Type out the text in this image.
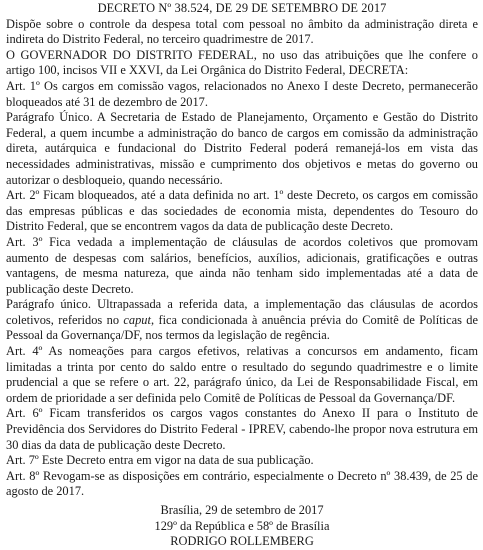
DECRETO Nº 38.524, DE 29 DE SETEMBRO DE 2017

Dispõe sobre o controle da despesa total com pessoal no âmbito da administração direta e indireta do Distrito Federal, no terceiro quadrimestre de 2017.

O GOVERNADOR DO DISTRITO FEDERAL, no uso das atribuições que lhe confere o artigo 100, incisos VII e XXVI, da Lei Orgânica do Distrito Federal, DECRETA:

Art. 1º Os cargos em comissão vagos, relacionados no Anexo I deste Decreto, permanecerão bloqueados até 31 de dezembro de 2017.

Parágrafo Único. A Secretaria de Estado de Planejamento, Orçamento e Gestão do Distrito Federal, a quem incumbe a administração do banco de cargos em comissão da administração direta, autárquica e fundacional do Distrito Federal poderá remanejá-los em vista das necessidades administrativas, missão e cumprimento dos objetivos e metas do governo ou autorizar o desbloqueio, quando necessário.

Art. 2º Ficam bloqueados, até a data definida no art. 1º deste Decreto, os cargos em comissão das empresas públicas e das sociedades de economia mista, dependentes do Tesouro do Distrito Federal, que se encontrem vagos da data de publicação deste Decreto.

Art. 3º Fica vedada a implementação de cláusulas de acordos coletivos que promovam aumento de despesas com salários, benefícios, auxílios, adicionais, gratificações e outras vantagens, de mesma natureza, que ainda não tenham sido implementadas até a data de publicação deste Decreto.

Parágrafo único. Ultrapassada a referida data, a implementação das cláusulas de acordos coletivos, referidos no caput, fica condicionada à anuência prévia do Comitê de Políticas de Pessoal da Governança/DF, nos termos da legislação de regência.

Art. 4º As nomeações para cargos efetivos, relativas a concursos em andamento, ficam limitadas a trinta por cento do saldo entre o resultado do segundo quadrimestre e o limite prudencial a que se refere o art. 22, parágrafo único, da Lei de Responsabilidade Fiscal, em ordem de prioridade a ser definida pelo Comitê de Políticas de Pessoal da Governança/DF.

Art. 6º Ficam transferidos os cargos vagos constantes do Anexo II para o Instituto de Previdência dos Servidores do Distrito Federal - IPREV, cabendo-lhe propor nova estrutura em 30 dias da data de publicação deste Decreto.

Art. 7º Este Decreto entra em vigor na data de sua publicação.

Art. 8º Revogam-se as disposições em contrário, especialmente o Decreto nº 38.439, de 25 de agosto de 2017.

Brasília, 29 de setembro de 2017
129º da República e 58º de Brasília
RODRIGO ROLLEMBERG
